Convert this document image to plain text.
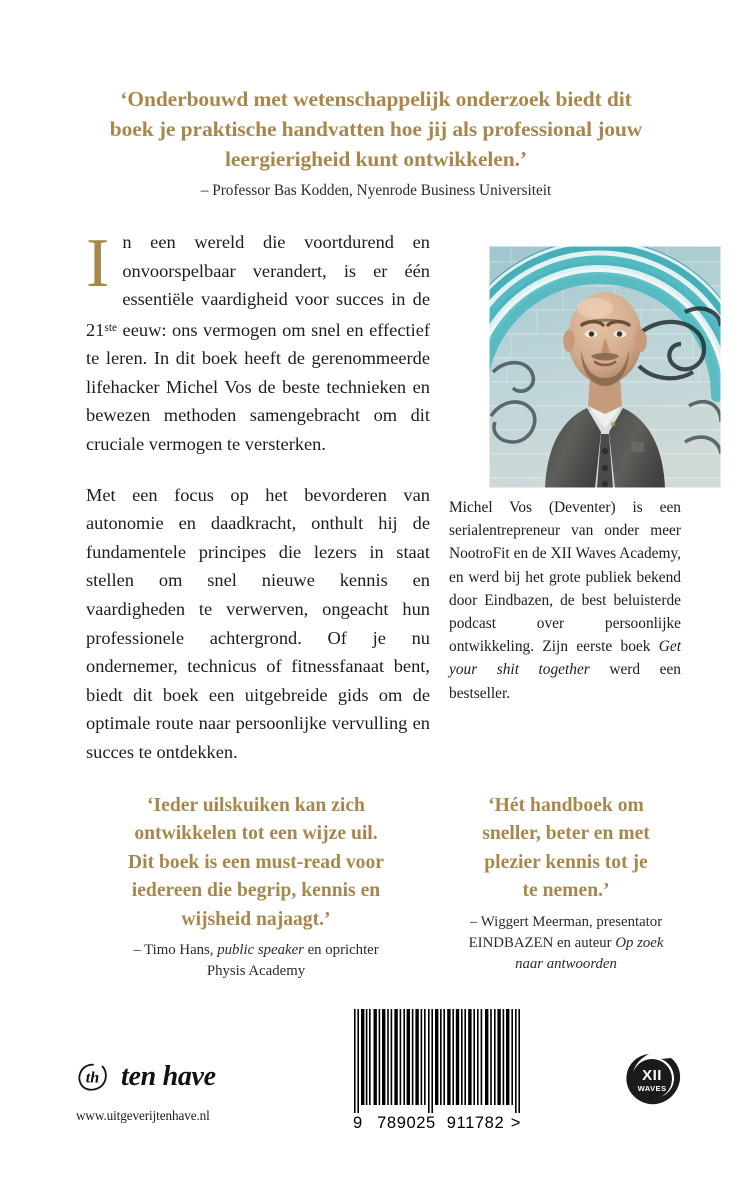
‘Onderbouwd met wetenschappelijk onderzoek biedt dit
boek je praktische handvatten hoe jij als professional jouw
leergierigheid kunt ontwikkelen.’
– Professor Bas Kodden, Nyenrode Business Universiteit

In een wereld die voortdurend en onvoorspelbaar verandert, is er één essentiële vaardigheid voor succes in de 21ste eeuw: ons vermogen om snel en effectief te leren. In dit boek heeft de gerenommeerde lifehacker Michel Vos de beste technieken en bewezen methoden samengebracht om dit cruciale vermogen te versterken.

Met een focus op het bevorderen van autonomie en daadkracht, onthult hij de fundamentele principes die lezers in staat stellen om snel nieuwe kennis en vaardigheden te verwerven, ongeacht hun professionele achtergrond. Of je nu ondernemer, technicus of fitnessfanaat bent, biedt dit boek een uitgebreide gids om de optimale route naar persoonlijke vervulling en succes te ontdekken.

Michel Vos (Deventer) is een serialentrepreneur van onder meer NootroFit en de XII Waves Academy, en werd bij het grote publiek bekend door Eindbazen, de best beluisterde podcast over persoonlijke ontwikkeling. Zijn eerste boek Get your shit together werd een bestseller.
‘Ieder uilskuiken kan zich
ontwikkelen tot een wijze uil.
Dit boek is een must-read voor
iedereen die begrip, kennis en
wijsheid najaagt.’
– Timo Hans, public speaker en oprichter
Physis Academy
‘Hét handboek om
sneller, beter en met
plezier kennis tot je
te nemen.’
– Wiggert Meerman, presentator
EINDBAZEN en auteur Op zoek
naar antwoorden
th ten have
www.uitgeverijtenhave.nl	9 789025 911782 >
XII
WAVES
